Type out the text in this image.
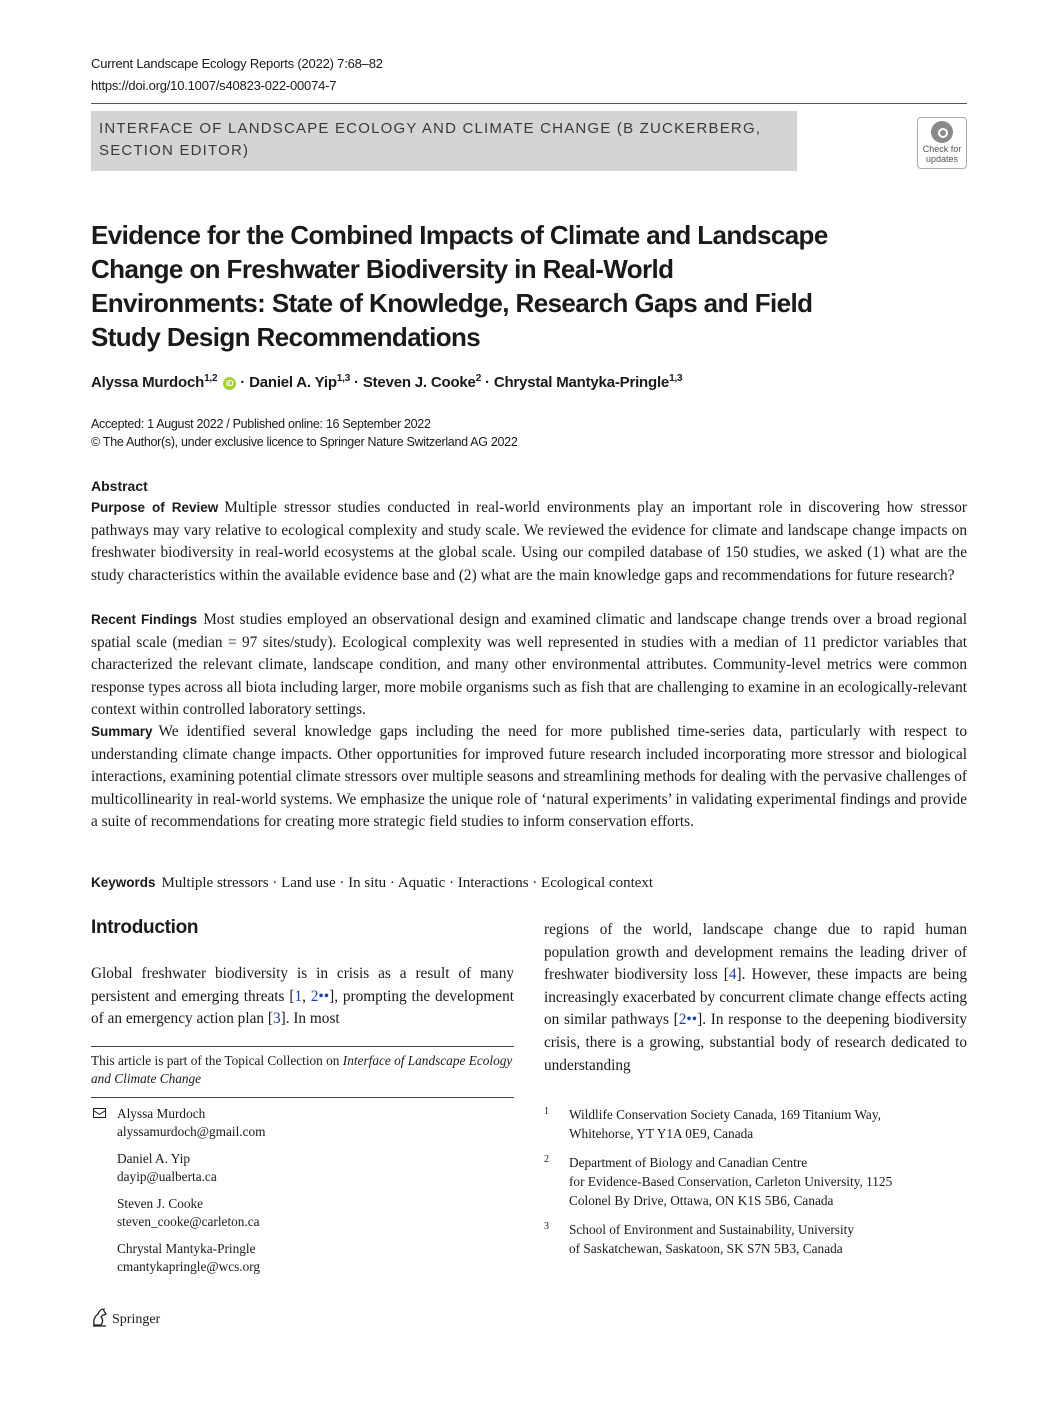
Current Landscape Ecology Reports (2022) 7:68–82
https://doi.org/10.1007/s40823-022-00074-7
INTERFACE OF LANDSCAPE ECOLOGY AND CLIMATE CHANGE (B ZUCKERBERG,
SECTION EDITOR)	Check for
updates
Evidence for the Combined Impacts of Climate and Landscape Change on Freshwater Biodiversity in Real-World Environments: State of Knowledge, Research Gaps and Field Study Design Recommendations
Alyssa Murdoch$^{1,2}$ iD · Daniel A. Yip$^{1,3}$ · Steven J. Cooke$^2$ · Chrystal Mantyka-Pringle$^{1,3}$
Accepted: 1 August 2022 / Published online: 16 September 2022
© The Author(s), under exclusive licence to Springer Nature Switzerland AG 2022
Abstract

Purpose of Review Multiple stressor studies conducted in real-world environments play an important role in discovering how stressor pathways may vary relative to ecological complexity and study scale. We reviewed the evidence for climate and landscape change impacts on freshwater biodiversity in real-world ecosystems at the global scale. Using our compiled database of 150 studies, we asked (1) what are the study characteristics within the available evidence base and (2) what are the main knowledge gaps and recommendations for future research?

Recent Findings Most studies employed an observational design and examined climatic and landscape change trends over a broad regional spatial scale (median = 97 sites/study). Ecological complexity was well represented in studies with a median of 11 predictor variables that characterized the relevant climate, landscape condition, and many other environmental attributes. Community-level metrics were common response types across all biota including larger, more mobile organisms such as fish that are challenging to examine in an ecologically-relevant context within controlled laboratory settings.

Summary We identified several knowledge gaps including the need for more published time-series data, particularly with respect to understanding climate change impacts. Other opportunities for improved future research included incorporating more stressor and biological interactions, examining potential climate stressors over multiple seasons and streamlining methods for dealing with the pervasive challenges of multicollinearity in real-world systems. We emphasize the unique role of ‘natural experiments’ in validating experimental findings and provide a suite of recommendations for creating more strategic field studies to inform conservation efforts.

Keywords Multiple stressors · Land use · In situ · Aquatic · Interactions · Ecological context
Introduction

Global freshwater biodiversity is in crisis as a result of many persistent and emerging threats [1, 2••], prompting the development of an emergency action plan [3]. In most

regions of the world, landscape change due to rapid human population growth and development remains the leading driver of freshwater biodiversity loss [4]. However, these impacts are being increasingly exacerbated by concurrent climate change effects acting on similar pathways [2••]. In response to the deepening biodiversity crisis, there is a growing, substantial body of research dedicated to understanding

This article is part of the Topical Collection on Interface of Landscape Ecology and Climate Change

Alyssa Murdoch
alyssamurdoch@gmail.com
Daniel A. Yip
dayip@ualberta.ca
Steven J. Cooke
steven_cooke@carleton.ca
Chrystal Mantyka-Pringle
cmantykapringle@wcs.org
1 Wildlife Conservation Society Canada, 169 Titanium Way,
Whitehorse, YT Y1A 0E9, Canada
2 Department of Biology and Canadian Centre
for Evidence-Based Conservation, Carleton University, 1125
Colonel By Drive, Ottawa, ON K1S 5B6, Canada
3 School of Environment and Sustainability, University
of Saskatchewan, Saskatoon, SK S7N 5B3, Canada
Springer
